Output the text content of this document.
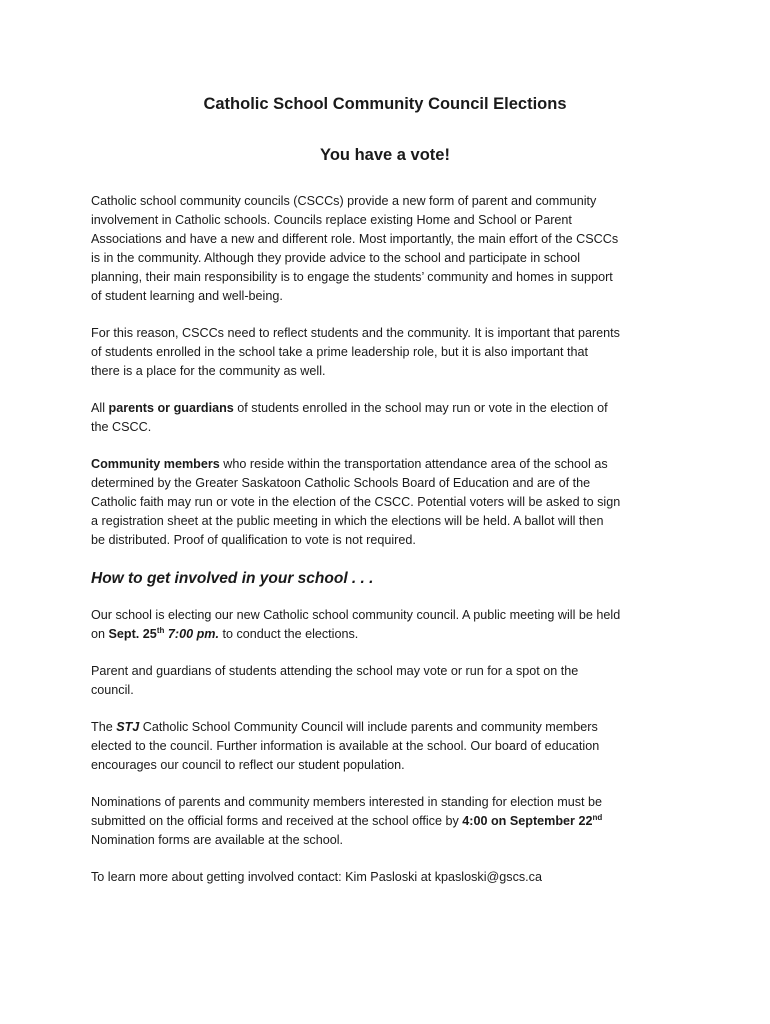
Catholic School Community Council Elections
You have a vote!

Catholic school community councils (CSCCs) provide a new form of parent and community
involvement in Catholic schools. Councils replace existing Home and School or Parent
Associations and have a new and different role. Most importantly, the main effort of the CSCCs
is in the community. Although they provide advice to the school and participate in school
planning, their main responsibility is to engage the students’ community and homes in support
of student learning and well-being.

For this reason, CSCCs need to reflect students and the community. It is important that parents
of students enrolled in the school take a prime leadership role, but it is also important that
there is a place for the community as well.

All parents or guardians of students enrolled in the school may run or vote in the election of
the CSCC.

Community members who reside within the transportation attendance area of the school as
determined by the Greater Saskatoon Catholic Schools Board of Education and are of the
Catholic faith may run or vote in the election of the CSCC. Potential voters will be asked to sign
a registration sheet at the public meeting in which the elections will be held. A ballot will then
be distributed. Proof of qualification to vote is not required.

How to get involved in your school . . .

Our school is electing our new Catholic school community council. A public meeting will be held
on Sept. 25th 7:00 pm. to conduct the elections.

Parent and guardians of students attending the school may vote or run for a spot on the
council.

The STJ Catholic School Community Council will include parents and community members
elected to the council. Further information is available at the school. Our board of education
encourages our council to reflect our student population.

Nominations of parents and community members interested in standing for election must be
submitted on the official forms and received at the school office by 4:00 on September 22nd
Nomination forms are available at the school.

To learn more about getting involved contact: Kim Pasloski at kpasloski@gscs.ca
